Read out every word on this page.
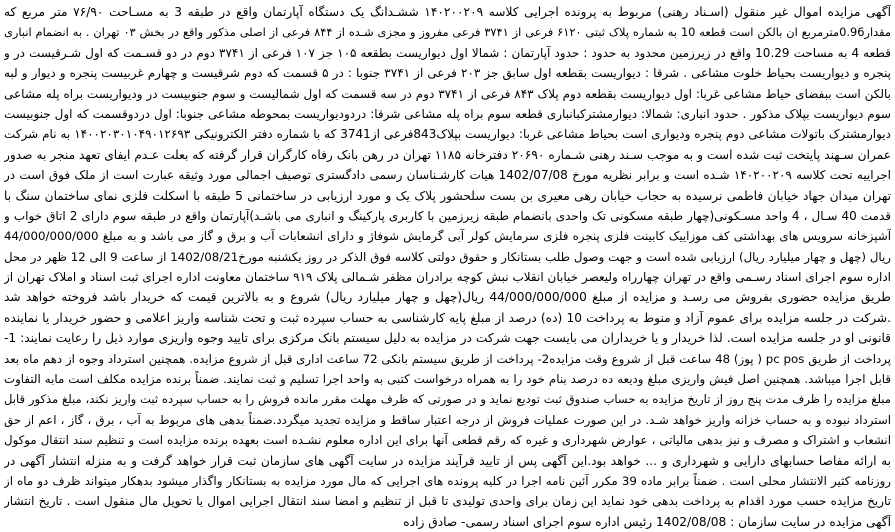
آگهی مزایده اموال غیر منقول (اسـناد رهنی) مربوط به پرونده اجرایی کلاسه ۱۴۰۲۰۰۲۰۹ ششـدانگ یک دستگاه آپارتمان واقع در طبقه 3 به مسـاحت ۷۶/۹۰ متر مربع که
مقدار0.96مترمربع ان بالکن است قطعه 10 به شماره پلاک ثبتی ۶۱۲۰ فرعی از ۳۷۴۱ فرعی مفروز و مجزی شـده از ۸۴۴ فرعی از اصلی مذکور واقع در بخش ۰۳ تهران . به انضمام انباری
قطعه 4 به مساحت 10.29 واقع در زیرزمین محدود به حدود : حدود آپارتمان : شمالا اول دیواریست بطقعه ۱۰۵ جز ۱۰۷ فرعی از ۳۷۴۱ دوم در دو قسـمت که اول شـرقیست در و
پنجره و دیواریست بحیاط خلوت مشاعی . شرقا : دیواریست بقطعه اول سابق جز ۲۰۳ فرعی از ۳۷۴۱ جنوبا : در ۵ قسمت که دوم شرقیست و چهارم غربیست پنجره و دیوار و لبه
بالکن است ببفضای حیاط مشاعی غربا: اول دیواریست بقطعه دوم پلاک ۸۴۳ فرعی از ۳۷۴۱ دوم در سه قسمت که اول شمالیست و سوم جنوبیست در ودیواریست براه پله مشاعی
سوم دیواریست بپلاک مذکور . حدود انباری: شمالا: دیوارمشترکبانباری قطعه سوم براه پله مشاعی شرقا: دردودیواریست بمحوطه مشاعی جنوبا: اول دردوقسمت که اول جنوبیست
دیوارمشترک باتولات مشاعی دوم پنجره ودیواری است بحیاط مشاعی غربا: دیواریست بپلاک843فرعی از3741 که با شماره دفتر الکترونیکی ۱۴۰۰۲۰۳۰۱۰۴۹۰۱۲۶۹۳ به نام شرکت
عمران سـهند پایتخت ثبت شده است و به موجب سـند رهنی شـماره ۲۰۶۹۰ دفترخانه ۱۱۸۵ تهران در رهن بانک رفاه کارگران قرار گرفته که بعلت عـدم ایفای تعهد منجر به صدور
اجراییه تحت کلاسه ۱۴۰۲۰۰۲۰۹ شـده است و برابر نظریه مورخ 1402/07/08 هیات کارشـناسان رسمی دادگستری توصیف اجمالی مورد وثیقه عبارت است از ملک فوق است در
تهران میدان جهاد خیابان فاطمی نرسیده به حجاب خیابان رهی معیری بن بست سلحشور پلاک یک و مورد ارزیابی در ساختمانی 5 طبقه با اسکلت فلزی نمای ساختمان سنگ با
قدمت 40 سـال ، 4 واحد مسـکونی(چهار طبقه مسکونی تک واحدی بانضمام طبقه زیرزمین با کاربری پارکینگ و انباری می باشـد)آپارتمان واقع در طبقه سوم دارای 2 اتاق خواب و
آشپزخانه سرویس های بهداشتی کف موزاییک کابینت فلزی پنجره فلزی سرمایش کولر آبی گرمایش شوفاژ و دارای انشعابات آب و برق و گاز می باشد و به مبلغ 44/000/000/000
ریال (چهل و چهار میلیارد ریال) ارزیابی شده است و جهت وصول طلب بستانکار و حقوق دولتی کلاسه فوق الذکر در روز یکشنبه مورخ1402/08/21 از ساعت 9 الی 12 ظهر در محل
اداره سوم اجرای اسناد رسـمی واقع در تهران چهارراه ولیعصر خیابان انقلاب نبش کوچه برادران مظفر شـمالی پلاک ۹۱۹ ساختمان معاونت اداره اجرای ثبت اسناد و املاک تهران از
طریق مزایده حضوری بفروش می رسـد و مزایده از مبلغ 44/000/000/000 ریال(چهل و چهار میلیارد ریال) شروع و به بالاترین قیمت که خریدار باشد فروخته خواهد شد
.شرکت در جلسه مزایده برای عموم آزاد و منوط به پرداخت 10 (ده) درصد از مبلغ پایه کارشناسی به حساب سپرده ثبت و تحت شناسه واریز اعلامی و حضور خریدار یا نماینده
قانونی او در جلسه مزایده است. لذا خریدار و یا خریداران می بایست جهت شرکت در مزایده به دلیل سیستم بانک مرکزی برای تایید وجوه واریزی موارد ذیل را رعایت نمایند: 1-
پرداخت از طریق pc pos ( پوز) 48 ساعت قبل از شروع وقت مزایده2- پرداخت از طریق سیستم بانکی 72 ساعت اداری قبل از شروع مزایده. همچنین استرداد وجوه از دهم ماه بعد
قابل اجرا میباشد. همچنین اصل فیش واریزی مبلغ ودیعه ده درصد بنام خود را به همراه درخواست کتبی به واحد اجرا تسلیم و ثبت نمایند. ضمناً برنده مزایده مکلف است مابه التفاوت
مبلغ مزایده را ظرف مدت پنج روز از تاریخ مزایده به حساب صندوق ثبت تودیع نماید و در صورتی که ظرف مهلت مقرر مانده فروش را به حساب سپرده ثبت واریز نکند، مبلغ مذکور قابل
استرداد نبوده و به حساب خزانه واریز خواهد شـد. در این صورت عملیات فروش از درجه اعتبار ساقط و مزایده تجدید میگردد.ضمناً بدهی های مربوط به آب ، برق ، گاز ، اعم از حق
انشعاب و اشتراک و مصرف و نیز بدهی مالیاتی ، عوارض شهرداری و غیره که رقم قطعی آنها برای این اداره معلوم نشـده است بعهده برنده مزایده است و تنظیم سند انتقال موکول
به ارائه مفاصا حسابهای دارایی و شهرداری و ... خواهد بود.این آگهی پس از تایید فرآیند مزایده در سایت آگهی های سازمان ثبت قرار خواهد گرفت و به منزله انتشار آگهی در
روزنامه کثیر الانتشار محلی است . ضمناً برابر ماده 39 مکرر آئین نامه اجرا در کلیه پرونده های اجرایی که مال مورد مزایده به بستانکار واگذار میشود بدهکار میتواند ظرف دو ماه از
تاریخ مزایده حسب مورد اقدام به پرداخت بدهی خود نماید این زمان برای واحدی تولیدی تا قبل از تنظیم و امضا سند انتقال اجرایی اموال یا تحویل مال منقول است . تاریخ انتشار
آگهی مزایده در سایت سازمان : 1402/08/08 رئیس اداره سوم اجرای اسناد رسمی- صادق زاده
